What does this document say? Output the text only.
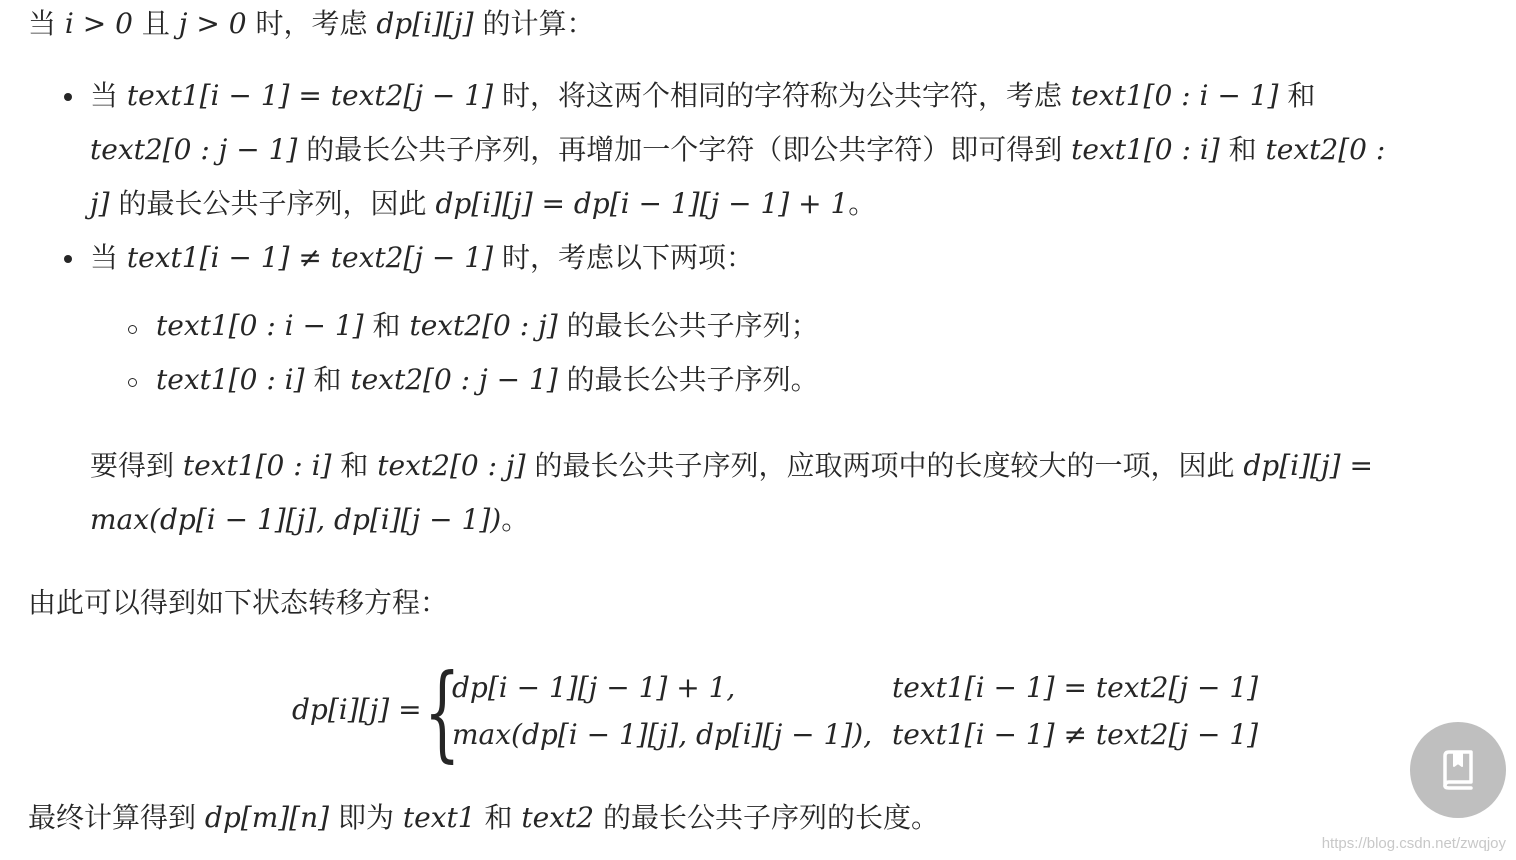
当 i > 0 且 j > 0 时，考虑 dp[i][j] 的计算：
当 text1[i − 1] = text2[j − 1] 时，将这两个相同的字符称为公共字符，考虑 text1[0 : i − 1] 和
text2[0 : j − 1] 的最长公共子序列，再增加一个字符（即公共字符）即可得到 text1[0 : i] 和 text2[0 :
j] 的最长公共子序列，因此 dp[i][j] = dp[i − 1][j − 1] + 1。
当 text1[i − 1] ≠ text2[j − 1] 时，考虑以下两项：
text1[0 : i − 1] 和 text2[0 : j] 的最长公共子序列；
text1[0 : i] 和 text2[0 : j − 1] 的最长公共子序列。
要得到 text1[0 : i] 和 text2[0 : j] 的最长公共子序列，应取两项中的长度较大的一项，因此 dp[i][j] =
max(dp[i − 1][j], dp[i][j − 1])。
由此可以得到如下状态转移方程：
dp[i][j] = {
dp[i − 1][j − 1] + 1,	text1[i − 1] = text2[j − 1]
max(dp[i − 1][j], dp[i][j − 1]), text1[i − 1] ≠ text2[j − 1]
最终计算得到 dp[m][n] 即为 text1 和 text2 的最长公共子序列的长度。
https://blog.csdn.net/zwqjoy
